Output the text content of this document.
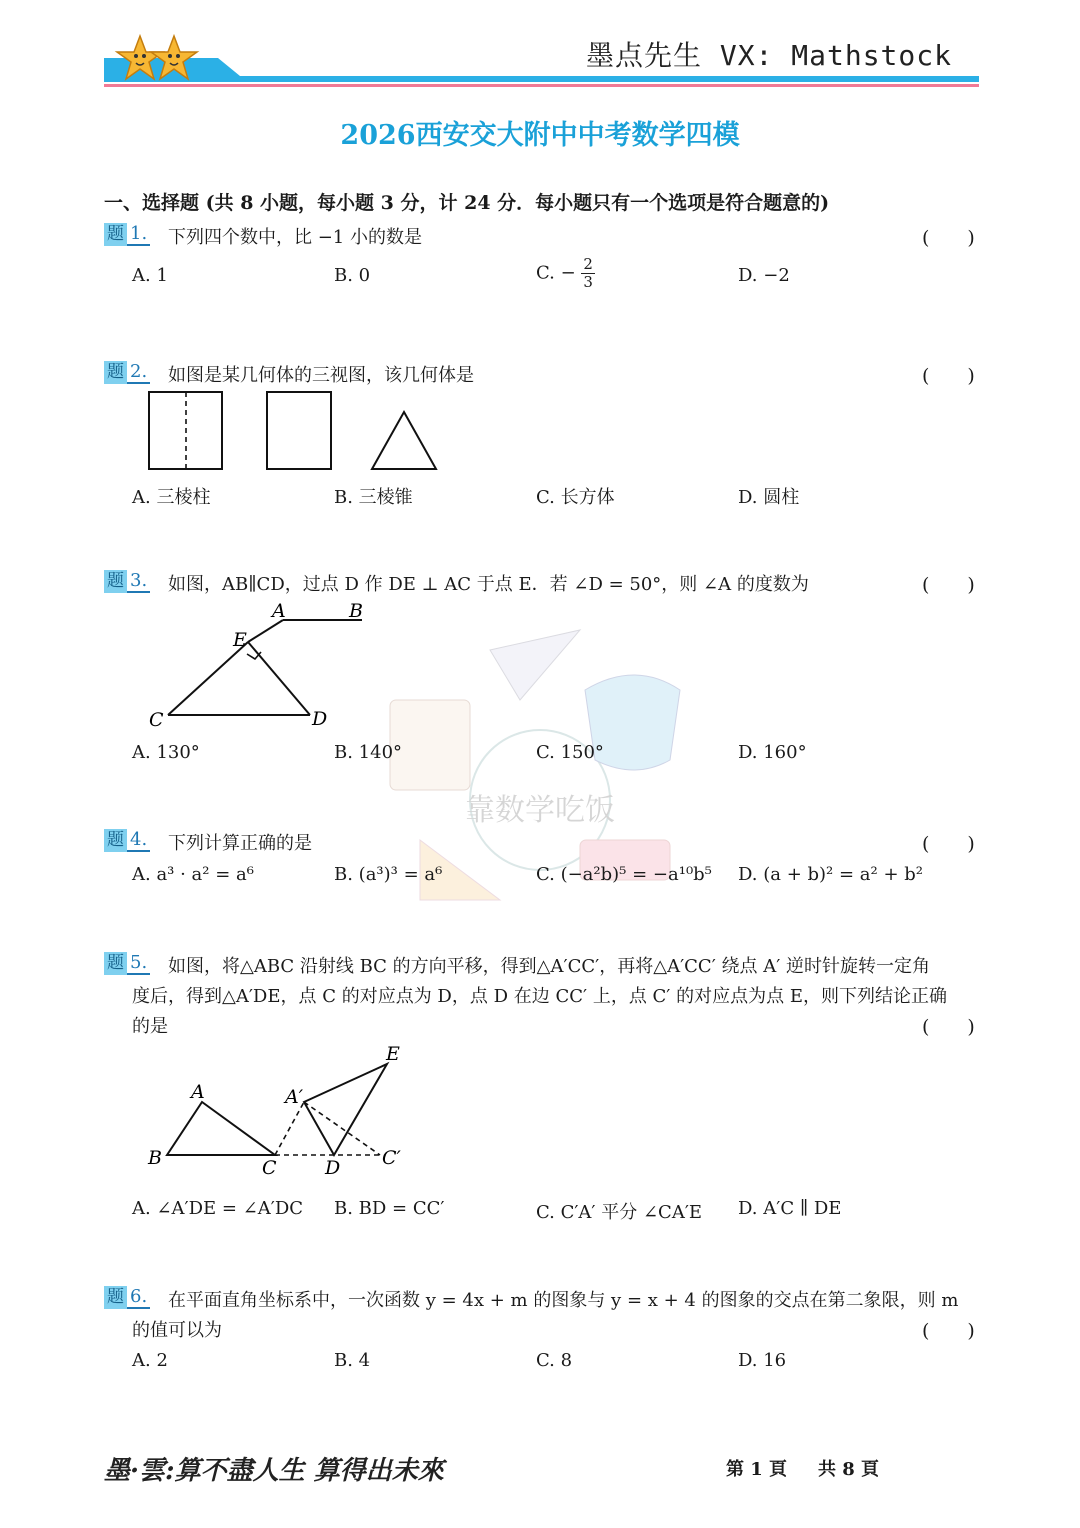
墨点先生 VX: Mathstock
2026西安交大附中中考数学四模
一、选择题 (共 8 小题，每小题 3 分，计 24 分．每小题只有一个选项是符合题意的)
靠数学吃饭
题 1. 下列四个数中，比 −1 小的数是	(　　)
A. 1	B. 0	C. − $\frac{2}{3}$	D. −2
题 2. 如图是某几何体的三视图，该几何体是	(　　)
A. 三棱柱	B. 三棱锥	C. 长方体	D. 圆柱
题 3. 如图，AB∥CD，过点 D 作 DE ⊥ AC 于点 E．若 ∠D = 50°，则 ∠A 的度数为	(　　)
A	B
E
C	D
A. 130°	B. 140°	C. 150°	D. 160°
题 4. 下列计算正确的是	(　　)
A. a³ · a² = a⁶	B. (a³)³ = a⁶	C. (−a²b)⁵ = −a¹⁰b⁵ D. (a + b)² = a² + b²
题 5. 如图，将△ABC 沿射线 BC 的方向平移，得到△A′CC′，再将△A′CC′ 绕点 A′ 逆时针旋转一定角
度后，得到△A′DE，点 C 的对应点为 D，点 D 在边 CC′ 上，点 C′ 的对应点为点 E，则下列结论正确
的是	(　　)
A
B	C
A′
E
D C′
A. ∠A′DE = ∠A′DC B. BD = CC′	C. C′A′ 平分 ∠CA′E D. A′C ∥ DE
题 6. 在平面直角坐标系中，一次函数 y = 4x + m 的图象与 y = x + 4 的图象的交点在第二象限，则 m
的值可以为	(　　)
A. 2	B. 4	C. 8	D. 16
墨·雲:算不盡人生 算得出未來	第 1 頁 共 8 頁
